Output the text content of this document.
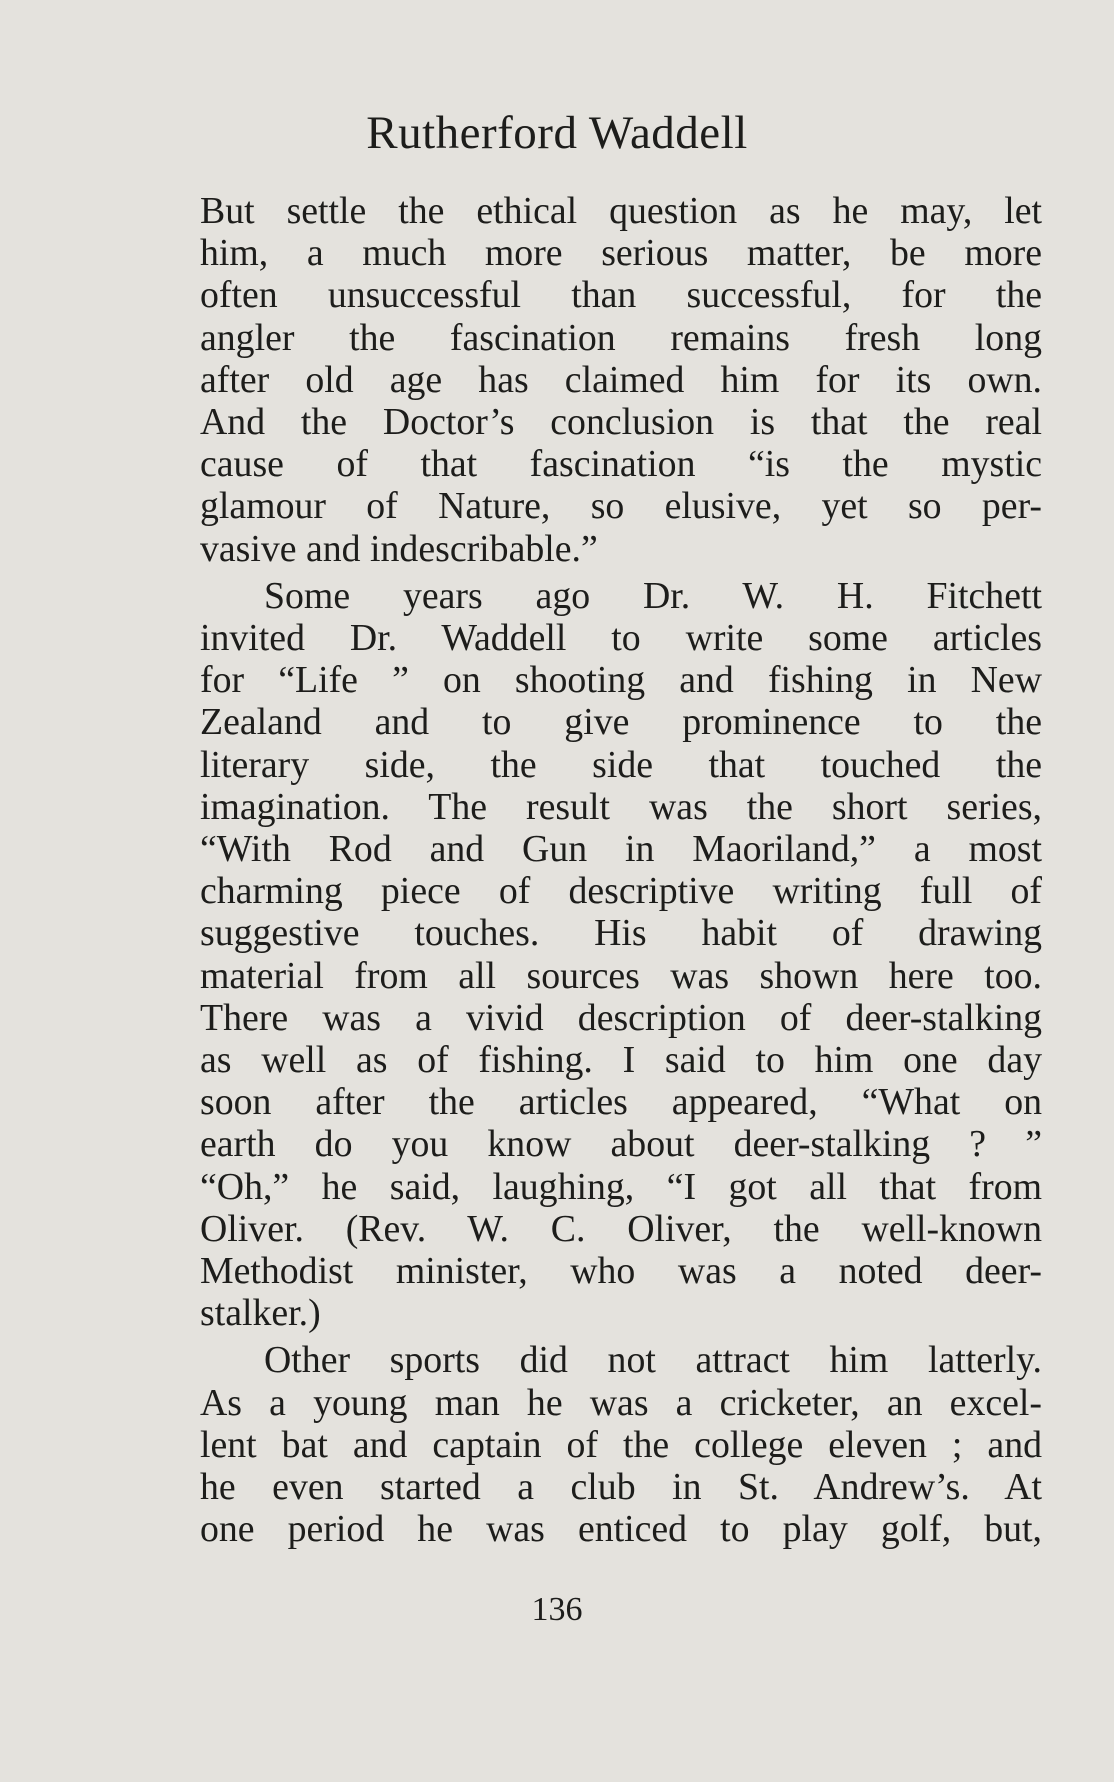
Rutherford Waddell

But settle the ethical question as he may, let
him, a much more serious matter, be more
often unsuccessful than successful, for the
angler the fascination remains fresh long
after old age has claimed him for its own.
And the Doctor’s conclusion is that the real
cause of that fascination “is the mystic
glamour of Nature, so elusive, yet so per-
vasive and indescribable.”

Some years ago Dr. W. H. Fitchett
invited Dr. Waddell to write some articles
for “Life ” on shooting and fishing in New
Zealand and to give prominence to the
literary side, the side that touched the
imagination. The result was the short series,
“With Rod and Gun in Maoriland,” a most
charming piece of descriptive writing full of
suggestive touches. His habit of drawing
material from all sources was shown here too.
There was a vivid description of deer-stalking
as well as of fishing. I said to him one day
soon after the articles appeared, “What on
earth do you know about deer-stalking ? ”
“Oh,” he said, laughing, “I got all that from
Oliver. (Rev. W. C. Oliver, the well-known
Methodist minister, who was a noted deer-
stalker.)

Other sports did not attract him latterly.
As a young man he was a cricketer, an excel-
lent bat and captain of the college eleven ; and
he even started a club in St. Andrew’s. At
one period he was enticed to play golf, but,

136
